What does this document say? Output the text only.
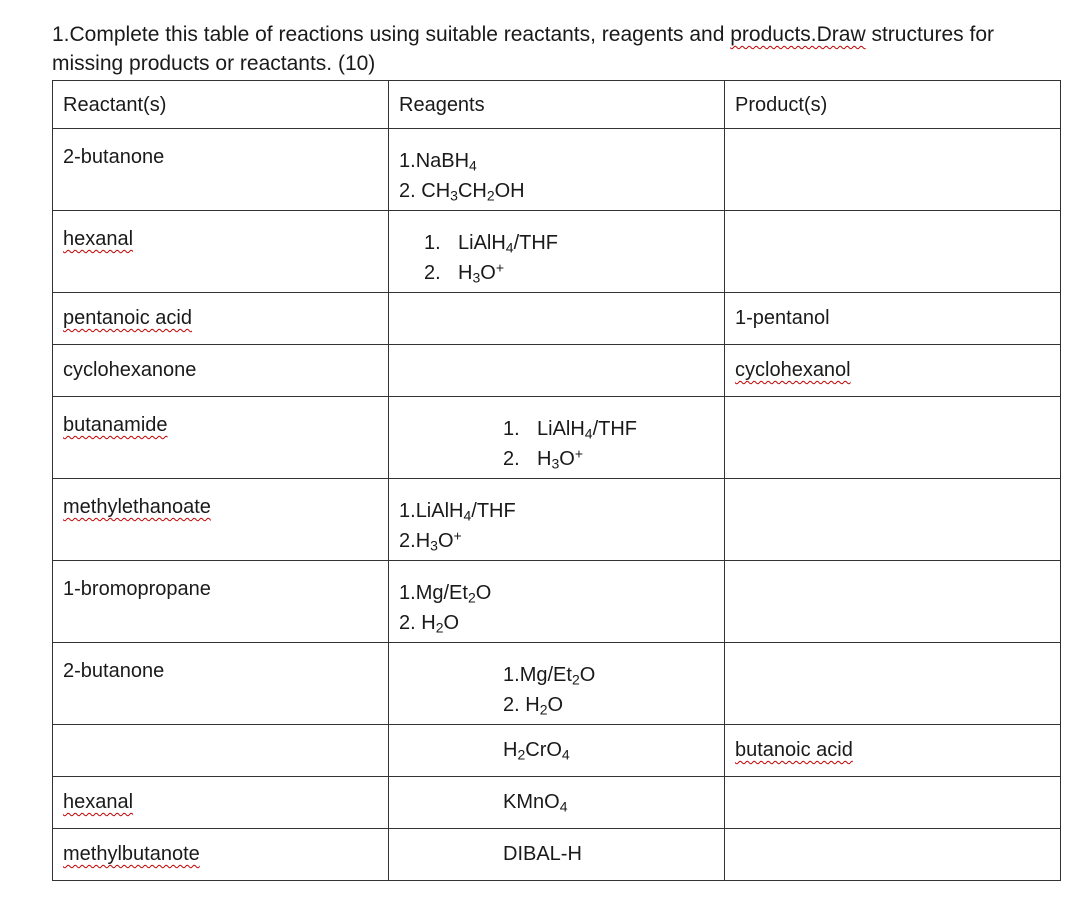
1.Complete this table of reactions using suitable reactants, reagents and products.Draw structures for missing products or reactants. (10)

Reactant(s)	Reagents	Product(s)
2-butanone	1.NaBH$_4$
2. $CH_3CH_2OH$	

hexanal	1. LiAlH$_4$/THF
2. $H_3O^+$

pentanoic acid		1-pentanol
cyclohexanone		cyclohexanol
butanamide	1. LiAlH$_4$/THF
2. $H_3O^+$

methylethanoate	1.LiAlH$_4$/THF
$2.H_3O^+$

1-bromopropane	$1.Mg/Et_2O$
2. $H_2O$	

2-butanone	$1.Mg/Et_2O$
2. $H_2O$	

	$H_2CrO_4$	butanoic acid
hexanal	KMnO$_4$	
methylbutanote	DIBAL-H	
